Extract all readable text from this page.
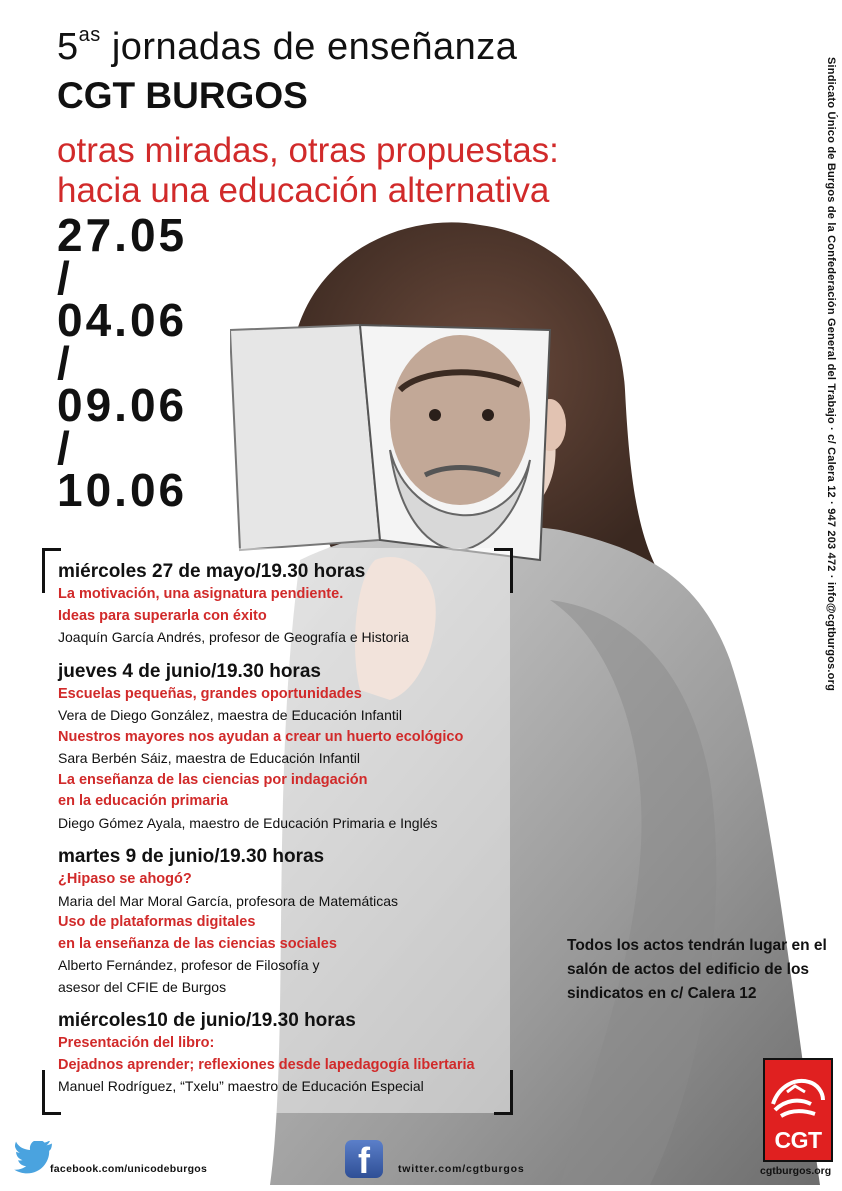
$5^{as}$ jornadas de enseñanza
CGT BURGOS
otras miradas, otras propuestas:
hacia una educación alternativa
27.05
/
04.06
/
09.06
/
10.06	Sindicato Único de Burgos de la Confederación General del Trabajo · c/ Calera 12 · 947 203 472 · info@cgtburgos.org
miércoles 27 de mayo/19.30 horas
La motivación, una asignatura pendiente.
Ideas para superarla con éxito
Joaquín García Andrés, profesor de Geografía e Historia
jueves 4 de junio/19.30 horas
Escuelas pequeñas, grandes oportunidades
Vera de Diego González, maestra de Educación Infantil
Nuestros mayores nos ayudan a crear un huerto ecológico
Sara Berbén Sáiz, maestra de Educación Infantil
La enseñanza de las ciencias por indagación
en la educación primaria
Diego Gómez Ayala, maestro de Educación Primaria e Inglés
martes 9 de junio/19.30 horas
¿Hipaso se ahogó?
Maria del Mar Moral García, profesora de Matemáticas
Uso de plataformas digitales
en la enseñanza de las ciencias sociales
Alberto Fernández, profesor de Filosofía y
asesor del CFIE de Burgos
miércoles10 de junio/19.30 horas
Presentación del libro:
Dejadnos aprender; reflexiones desde lapedagogía libertaria
Manuel Rodríguez, “Txelu” maestro de Educación Especial
Todos los actos tendrán lugar en el salón de actos del edificio de los sindicatos en c/ Calera 12
CGT
cgtburgos.org
facebook.com/unicodeburgos	f	twitter.com/cgtburgos
